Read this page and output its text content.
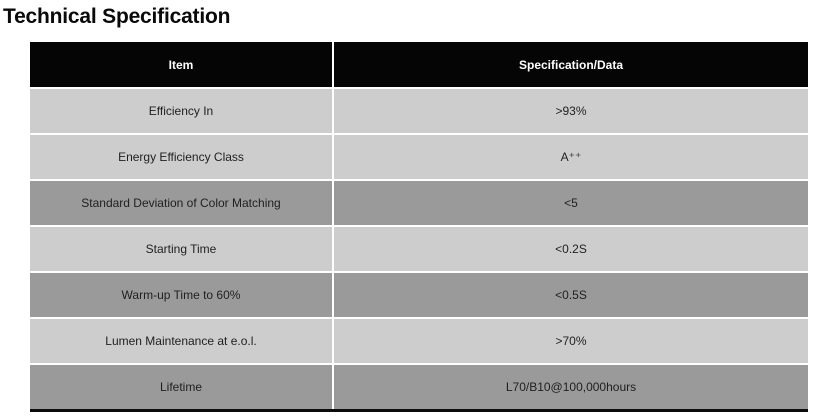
Technical Specification
Item	Specification/Data
Efficiency In	>93%
Energy Efficiency Class	A⁺⁺
Standard Deviation of Color Matching	<5
Starting Time	<0.2S
Warm-up Time to 60%	<0.5S
Lumen Maintenance at e.o.l.	>70%
Lifetime	L70/B10@100,000hours
